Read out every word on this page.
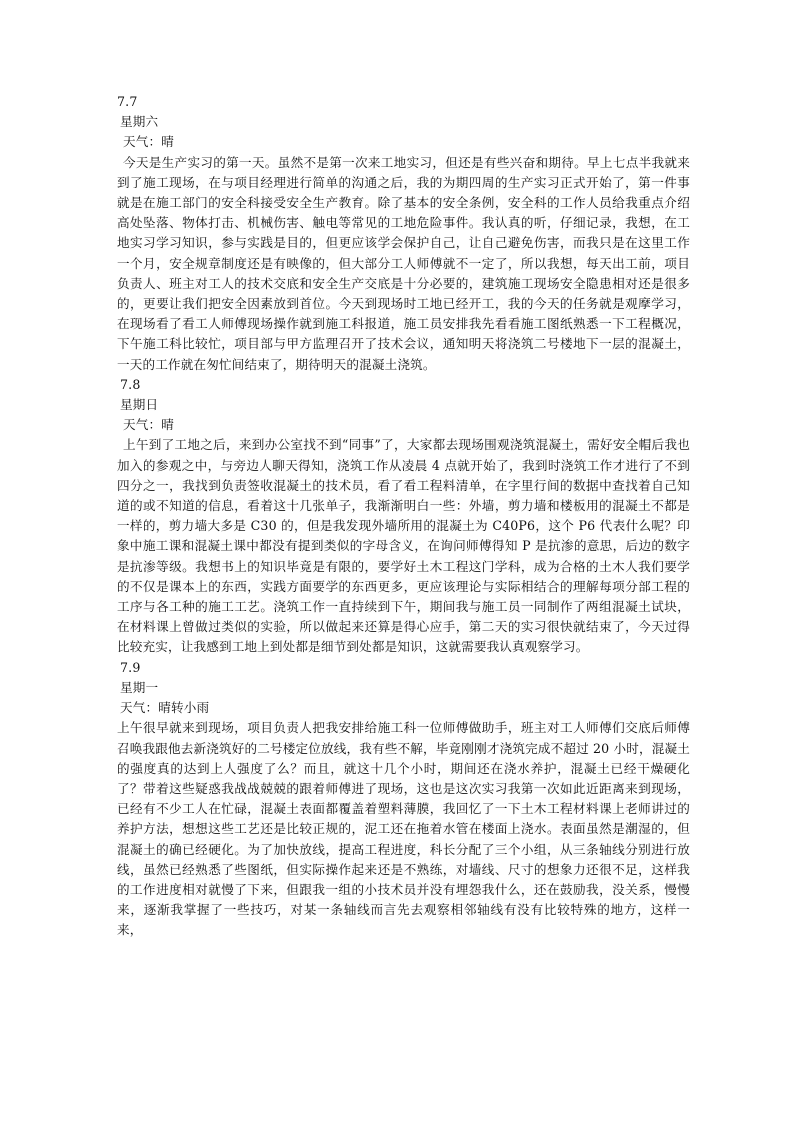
7.7
星期六
天气：晴
今天是生产实习的第一天。虽然不是第一次来工地实习，但还是有些兴奋和期待。早上七点半我就来到了施工现场，在与项目经理进行简单的沟通之后，我的为期四周的生产实习正式开始了，第一件事就是在施工部门的安全科接受安全生产教育。除了基本的安全条例，安全科的工作人员给我重点介绍高处坠落、物体打击、机械伤害、触电等常见的工地危险事件。我认真的听，仔细记录，我想，在工地实习学习知识，参与实践是目的，但更应该学会保护自己，让自己避免伤害，而我只是在这里工作一个月，安全规章制度还是有映像的，但大部分工人师傅就不一定了，所以我想，每天出工前，项目负责人、班主对工人的技术交底和安全生产交底是十分必要的，建筑施工现场安全隐患相对还是很多的，更要让我们把安全因素放到首位。今天到现场时工地已经开工，我的今天的任务就是观摩学习，在现场看了看工人师傅现场操作就到施工科报道，施工员安排我先看看施工图纸熟悉一下工程概况，下午施工科比较忙，项目部与甲方监理召开了技术会议，通知明天将浇筑二号楼地下一层的混凝土，一天的工作就在匆忙间结束了，期待明天的混凝土浇筑。
7.8
星期日
天气：晴
上午到了工地之后，来到办公室找不到“同事”了，大家都去现场围观浇筑混凝土，需好安全帽后我也加入的参观之中，与旁边人聊天得知，浇筑工作从凌晨 4 点就开始了，我到时浇筑工作才进行了不到四分之一，我找到负责签收混凝土的技术员，看了看工程料清单，在字里行间的数据中查找着自己知道的或不知道的信息，看着这十几张单子，我渐渐明白一些：外墙，剪力墙和楼板用的混凝土不都是一样的，剪力墙大多是 C30 的，但是我发现外墙所用的混凝土为 C40P6，这个 P6 代表什么呢？印象中施工课和混凝土课中都没有提到类似的字母含义，在询问师傅得知 P 是抗渗的意思，后边的数字是抗渗等级。我想书上的知识毕竟是有限的，要学好土木工程这门学科，成为合格的土木人我们要学的不仅是课本上的东西，实践方面要学的东西更多，更应该理论与实际相结合的理解每项分部工程的工序与各工种的施工工艺。浇筑工作一直持续到下午，期间我与施工员一同制作了两组混凝土试块，在材料课上曾做过类似的实验，所以做起来还算是得心应手，第二天的实习很快就结束了，今天过得比较充实，让我感到工地上到处都是细节到处都是知识，这就需要我认真观察学习。
7.9
星期一
天气：晴转小雨
上午很早就来到现场，项目负责人把我安排给施工科一位师傅做助手，班主对工人师傅们交底后师傅召唤我跟他去新浇筑好的二号楼定位放线，我有些不解，毕竟刚刚才浇筑完成不超过 20 小时，混凝土的强度真的达到上人强度了么？而且，就这十几个小时，期间还在浇水养护，混凝土已经干燥硬化了？带着这些疑惑我战战兢兢的跟着师傅进了现场，这也是这次实习我第一次如此近距离来到现场，已经有不少工人在忙碌，混凝土表面都覆盖着塑料薄膜，我回忆了一下土木工程材料课上老师讲过的养护方法，想想这些工艺还是比较正规的，泥工还在拖着水管在楼面上浇水。表面虽然是潮湿的，但混凝土的确已经硬化。为了加快放线，提高工程进度，科长分配了三个小组，从三条轴线分别进行放线，虽然已经熟悉了些图纸，但实际操作起来还是不熟练，对墙线、尺寸的想象力还很不足，这样我的工作进度相对就慢了下来，但跟我一组的小技术员并没有埋怨我什么，还在鼓励我，没关系，慢慢来，逐渐我掌握了一些技巧，对某一条轴线而言先去观察相邻轴线有没有比较特殊的地方，这样一来，
